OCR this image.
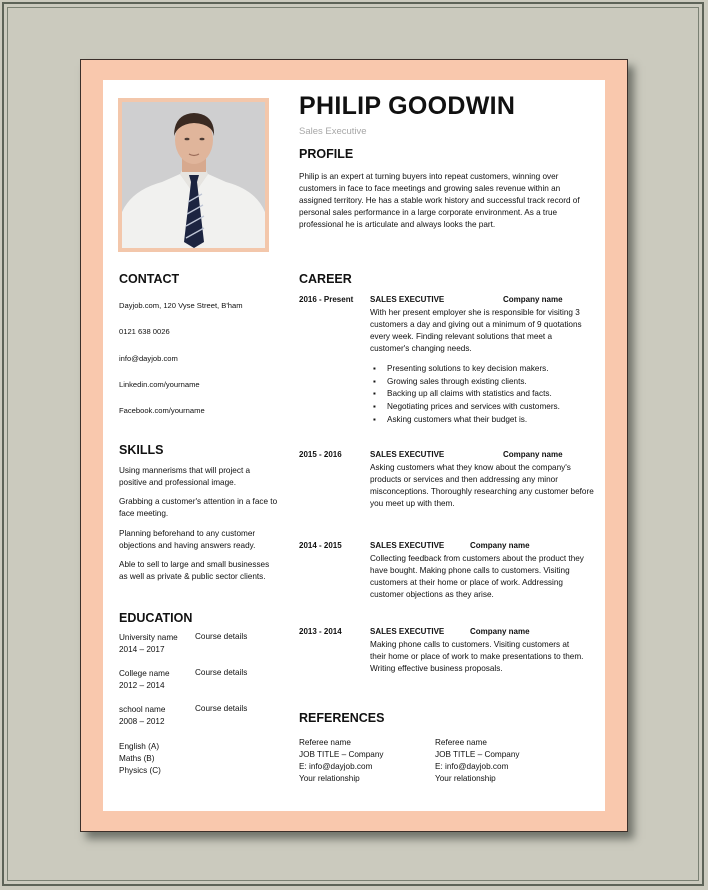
PHILIP GOODWIN
Sales Executive
PROFILE
Philip is an expert at turning buyers into repeat customers, winning over customers in face to face meetings and growing sales revenue within an assigned territory. He has a stable work history and successful track record of personal sales performance in a large corporate environment. As a true professional he is articulate and always looks the part.
CONTACT
Dayjob.com, 120 Vyse Street, B'ham
0121 638 0026
info@dayjob.com
Linkedin.com/yourname
Facebook.com/yourname
SKILLS
Using mannerisms that will project a positive and professional image.
Grabbing a customer's attention in a face to face meeting.
Planning beforehand to any customer objections and having answers ready.
Able to sell to large and small businesses as well as private & public sector clients.
EDUCATION
University name Course details
2014 – 2017
College name	Course details
2012 – 2014
school name	Course details
2008 – 2012
English (A)
Maths (B)
Physics (C)
CAREER
2016 - Present SALES EXECUTIVE	Company name
With her present employer she is responsible for visiting 3 customers a day and giving out a minimum of 9 quotations every week. Finding relevant solutions that meet a customer's changing needs.
▪ Presenting solutions to key decision makers.
▪ Growing sales through existing clients.
▪ Backing up all claims with statistics and facts.
▪ Negotiating prices and services with customers.
▪ Asking customers what their budget is.
2015 - 2016	SALES EXECUTIVE	Company name
Asking customers what they know about the company's products or services and then addressing any minor misconceptions. Thoroughly researching any customer before you meet up with them.
2014 - 2015	SALES EXECUTIVE	Company name
Collecting feedback from customers about the product they have bought. Making phone calls to customers. Visiting customers at their home or place of work. Addressing customer objections as they arise.
2013 - 2014	SALES EXECUTIVE	Company name
Making phone calls to customers. Visiting customers at their home or place of work to make presentations to them. Writing effective business proposals.
REFERENCES
Referee name
JOB TITLE – Company
E: info@dayjob.com
Your relationship
Referee name
JOB TITLE – Company
E: info@dayjob.com
Your relationship
